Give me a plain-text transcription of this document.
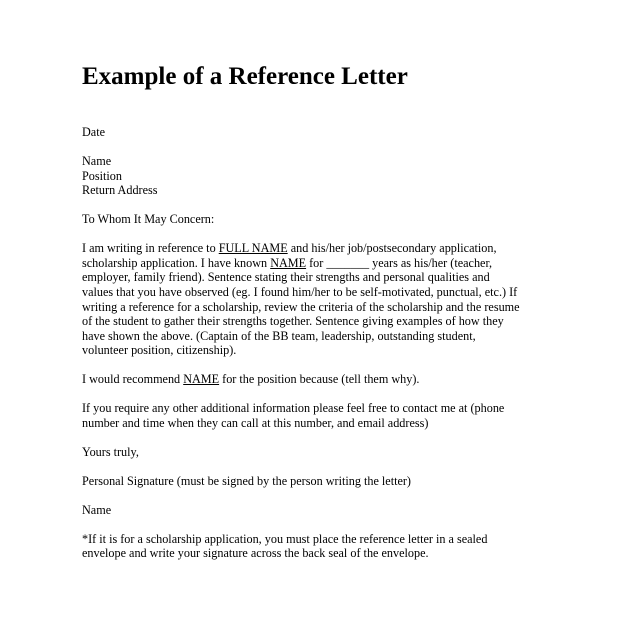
Example of a Reference Letter
Date
Name
Position
Return Address
To Whom It May Concern:
I am writing in reference to FULL NAME and his/her job/postsecondary application,
scholarship application. I have known NAME for _______ years as his/her (teacher,
employer, family friend). Sentence stating their strengths and personal qualities and
values that you have observed (eg. I found him/her to be self-motivated, punctual, etc.) If
writing a reference for a scholarship, review the criteria of the scholarship and the resume
of the student to gather their strengths together. Sentence giving examples of how they
have shown the above. (Captain of the BB team, leadership, outstanding student,
volunteer position, citizenship).
I would recommend NAME for the position because (tell them why).
If you require any other additional information please feel free to contact me at (phone
number and time when they can call at this number, and email address)
Yours truly,
Personal Signature (must be signed by the person writing the letter)
Name
*If it is for a scholarship application, you must place the reference letter in a sealed
envelope and write your signature across the back seal of the envelope.
